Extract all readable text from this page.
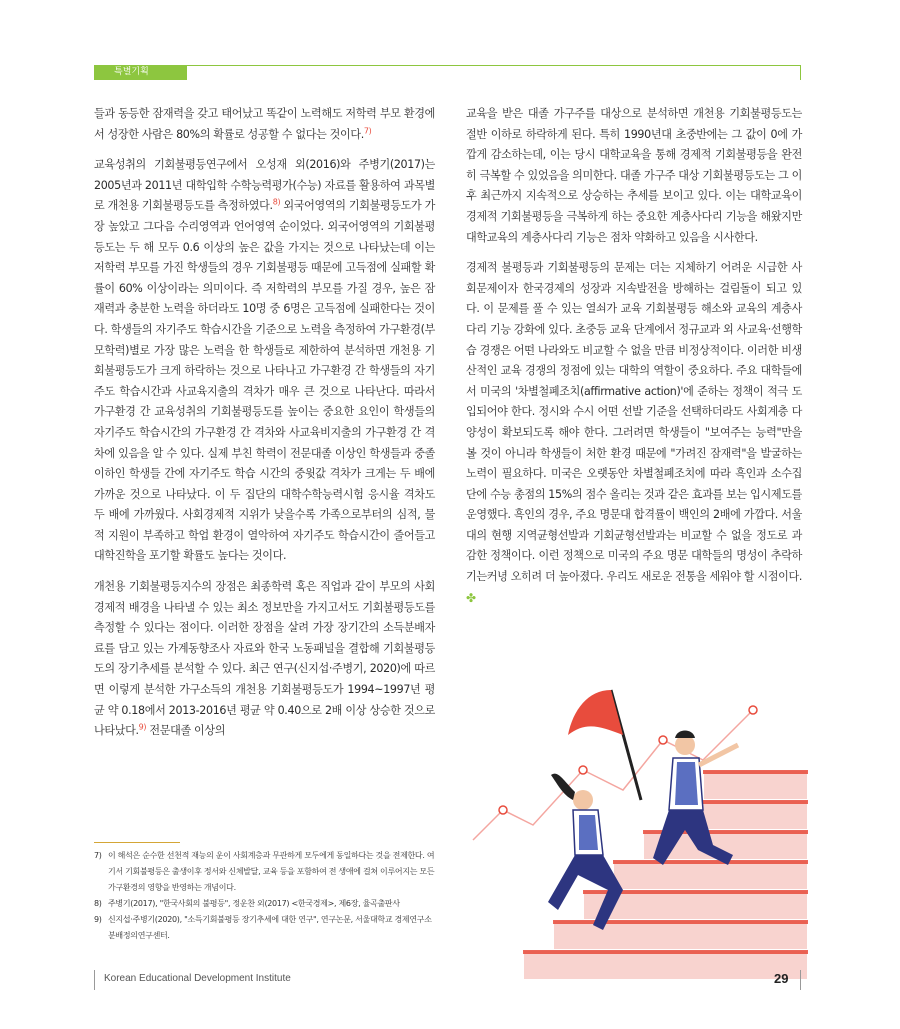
특별기획

들과 동등한 잠재력을 갖고 태어났고 똑같이 노력해도 저학력 부모 환경에서 성장한 사람은 80%의 확률로 성공할 수 없다는 것이다.$^{7)}$

교육성취의 기회불평등연구에서 오성재 외(2016)와 주병기(2017)는 2005년과 2011년 대학입학 수학능력평가(수능) 자료를 활용하여 과목별로 개천용 기회불평등도를 측정하였다.$^{8)}$ 외국어영역의 기회불평등도가 가장 높았고 그다음 수리영역과 언어영역 순이었다. 외국어영역의 기회불평등도는 두 해 모두 0.6 이상의 높은 값을 가지는 것으로 나타났는데 이는 저학력 부모를 가진 학생들의 경우 기회불평등 때문에 고득점에 실패할 확률이 60% 이상이라는 의미이다. 즉 저학력의 부모를 가질 경우, 높은 잠재력과 충분한 노력을 하더라도 10명 중 6명은 고득점에 실패한다는 것이다. 학생들의 자기주도 학습시간을 기준으로 노력을 측정하여 가구환경(부모학력)별로 가장 많은 노력을 한 학생들로 제한하여 분석하면 개천용 기회불평등도가 크게 하락하는 것으로 나타나고 가구환경 간 학생들의 자기주도 학습시간과 사교육지출의 격차가 매우 큰 것으로 나타난다. 따라서 가구환경 간 교육성취의 기회불평등도를 높이는 중요한 요인이 학생들의 자기주도 학습시간의 가구환경 간 격차와 사교육비지출의 가구환경 간 격차에 있음을 알 수 있다. 실제 부친 학력이 전문대졸 이상인 학생들과 중졸 이하인 학생들 간에 자기주도 학습 시간의 중윗값 격차가 크게는 두 배에 가까운 것으로 나타났다. 이 두 집단의 대학수학능력시험 응시율 격차도 두 배에 가까웠다. 사회경제적 지위가 낮을수록 가족으로부터의 심적, 물적 지원이 부족하고 학업 환경이 열악하여 자기주도 학습시간이 줄어들고 대학진학을 포기할 확률도 높다는 것이다.

개천용 기회불평등지수의 장점은 최종학력 혹은 직업과 같이 부모의 사회경제적 배경을 나타낼 수 있는 최소 정보만을 가지고서도 기회불평등도를 측정할 수 있다는 점이다. 이러한 장점을 살려 가장 장기간의 소득분배자료를 담고 있는 가계동향조사 자료와 한국 노동패널을 결합해 기회불평등도의 장기추세를 분석할 수 있다. 최근 연구(신지섭·주병기, 2020)에 따르면 이렇게 분석한 가구소득의 개천용 기회불평등도가 1994~1997년 평균 약 0.18에서 2013-2016년 평균 약 0.40으로 2배 이상 상승한 것으로 나타났다.$^{9)}$ 전문대졸 이상의

교육을 받은 대졸 가구주를 대상으로 분석하면 개천용 기회불평등도는 절반 이하로 하락하게 된다. 특히 1990년대 초중반에는 그 값이 0에 가깝게 감소하는데, 이는 당시 대학교육을 통해 경제적 기회불평등을 완전히 극복할 수 있었음을 의미한다. 대졸 가구주 대상 기회불평등도는 그 이후 최근까지 지속적으로 상승하는 추세를 보이고 있다. 이는 대학교육이 경제적 기회불평등을 극복하게 하는 중요한 계층사다리 기능을 해왔지만 대학교육의 계층사다리 기능은 점차 약화하고 있음을 시사한다.

경제적 불평등과 기회불평등의 문제는 더는 지체하기 어려운 시급한 사회문제이자 한국경제의 성장과 지속발전을 방해하는 걸림돌이 되고 있다. 이 문제를 풀 수 있는 열쇠가 교육 기회불평등 해소와 교육의 계층사다리 기능 강화에 있다. 초중등 교육 단계에서 정규교과 외 사교육·선행학습 경쟁은 어떤 나라와도 비교할 수 없을 만큼 비정상적이다. 이러한 비생산적인 교육 경쟁의 정점에 있는 대학의 역할이 중요하다. 주요 대학들에서 미국의 '차별철폐조치(affirmative action)'에 준하는 정책이 적극 도입되어야 한다. 정시와 수시 어떤 선발 기준을 선택하더라도 사회계층 다양성이 확보되도록 해야 한다. 그러려면 학생들이 "보여주는 능력"만을 볼 것이 아니라 학생들이 처한 환경 때문에 "가려진 잠재력"을 발굴하는 노력이 필요하다. 미국은 오랫동안 차별철폐조치에 따라 흑인과 소수집단에 수능 총점의 15%의 점수 올리는 것과 같은 효과를 보는 입시제도를 운영했다. 흑인의 경우, 주요 명문대 합격률이 백인의 2배에 가깝다. 서울대의 현행 지역균형선발과 기회균형선발과는 비교할 수 없을 정도로 과감한 정책이다. 이런 정책으로 미국의 주요 명문 대학들의 명성이 추락하기는커녕 오히려 더 높아졌다. 우리도 새로운 전통을 세워야 할 시점이다. ✤

7) 이 해석은 순수한 선천적 재능의 운이 사회계층과 무관하게 모두에게 동일하다는 것을 전제한다. 여기서 기회불평등은 출생이후 정서와 신체발달, 교육 등을 포함하여 전 생애에 걸쳐 이루어지는 모든 가구환경의 영향을 반영하는 개념이다.
8) 주병기(2017), "한국사회의 불평등", 정운찬 외(2017) <한국경제>, 제6장, 율곡출판사
9) 신지섭·주병기(2020), "소득기회불평등 장기추세에 대한 연구", 연구논문, 서울대학교 경제연구소 분배정의연구센터.
Korean Educational Development Institute	29
